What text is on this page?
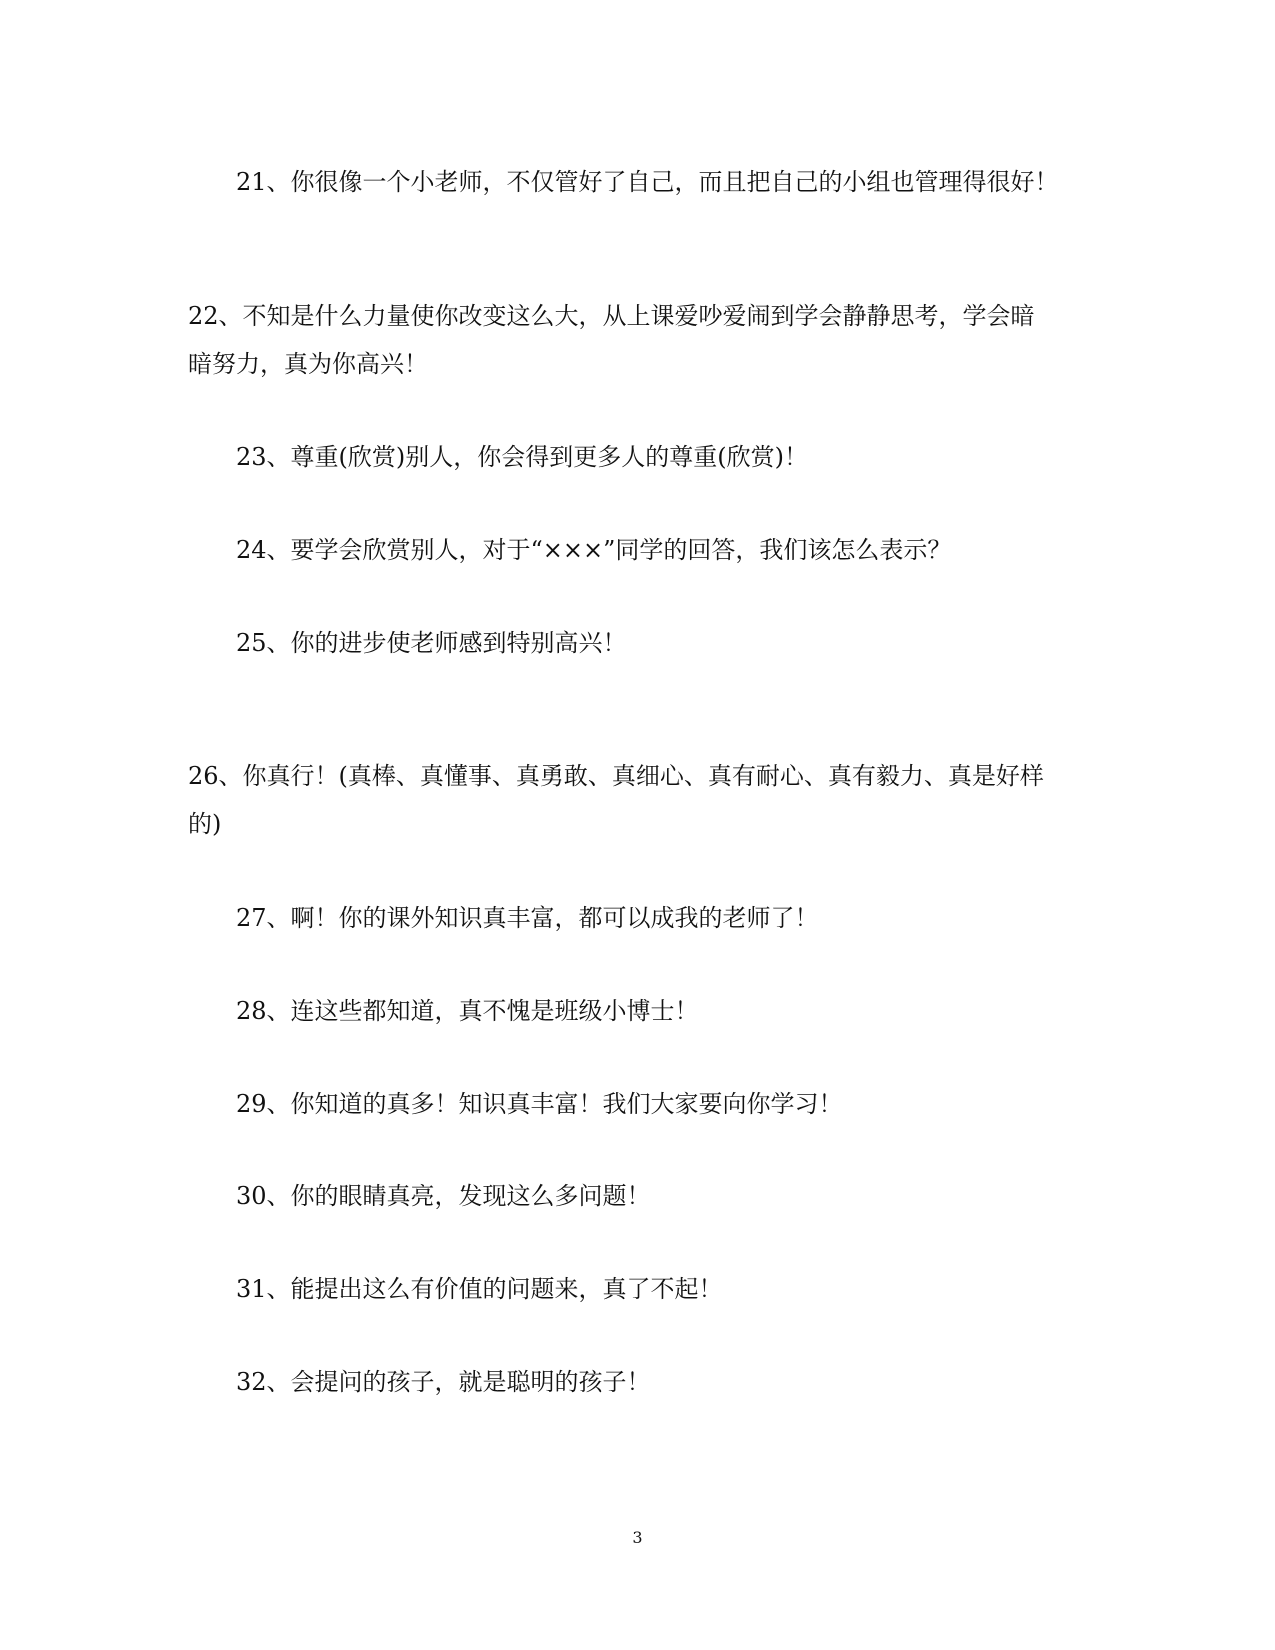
21、你很像一个小老师，不仅管好了自己，而且把自己的小组也管理得很好！

22、不知是什么力量使你改变这么大，从上课爱吵爱闹到学会静静思考，学会暗
暗努力，真为你高兴！

23、尊重(欣赏)别人，你会得到更多人的尊重(欣赏)！

24、要学会欣赏别人，对于“×××”同学的回答，我们该怎么表示？

25、你的进步使老师感到特别高兴！

26、你真行！(真棒、真懂事、真勇敢、真细心、真有耐心、真有毅力、真是好样
的)

27、啊！你的课外知识真丰富，都可以成我的老师了！

28、连这些都知道，真不愧是班级小博士！

29、你知道的真多！知识真丰富！我们大家要向你学习！

30、你的眼睛真亮，发现这么多问题！

31、能提出这么有价值的问题来，真了不起！

32、会提问的孩子，就是聪明的孩子！

3
